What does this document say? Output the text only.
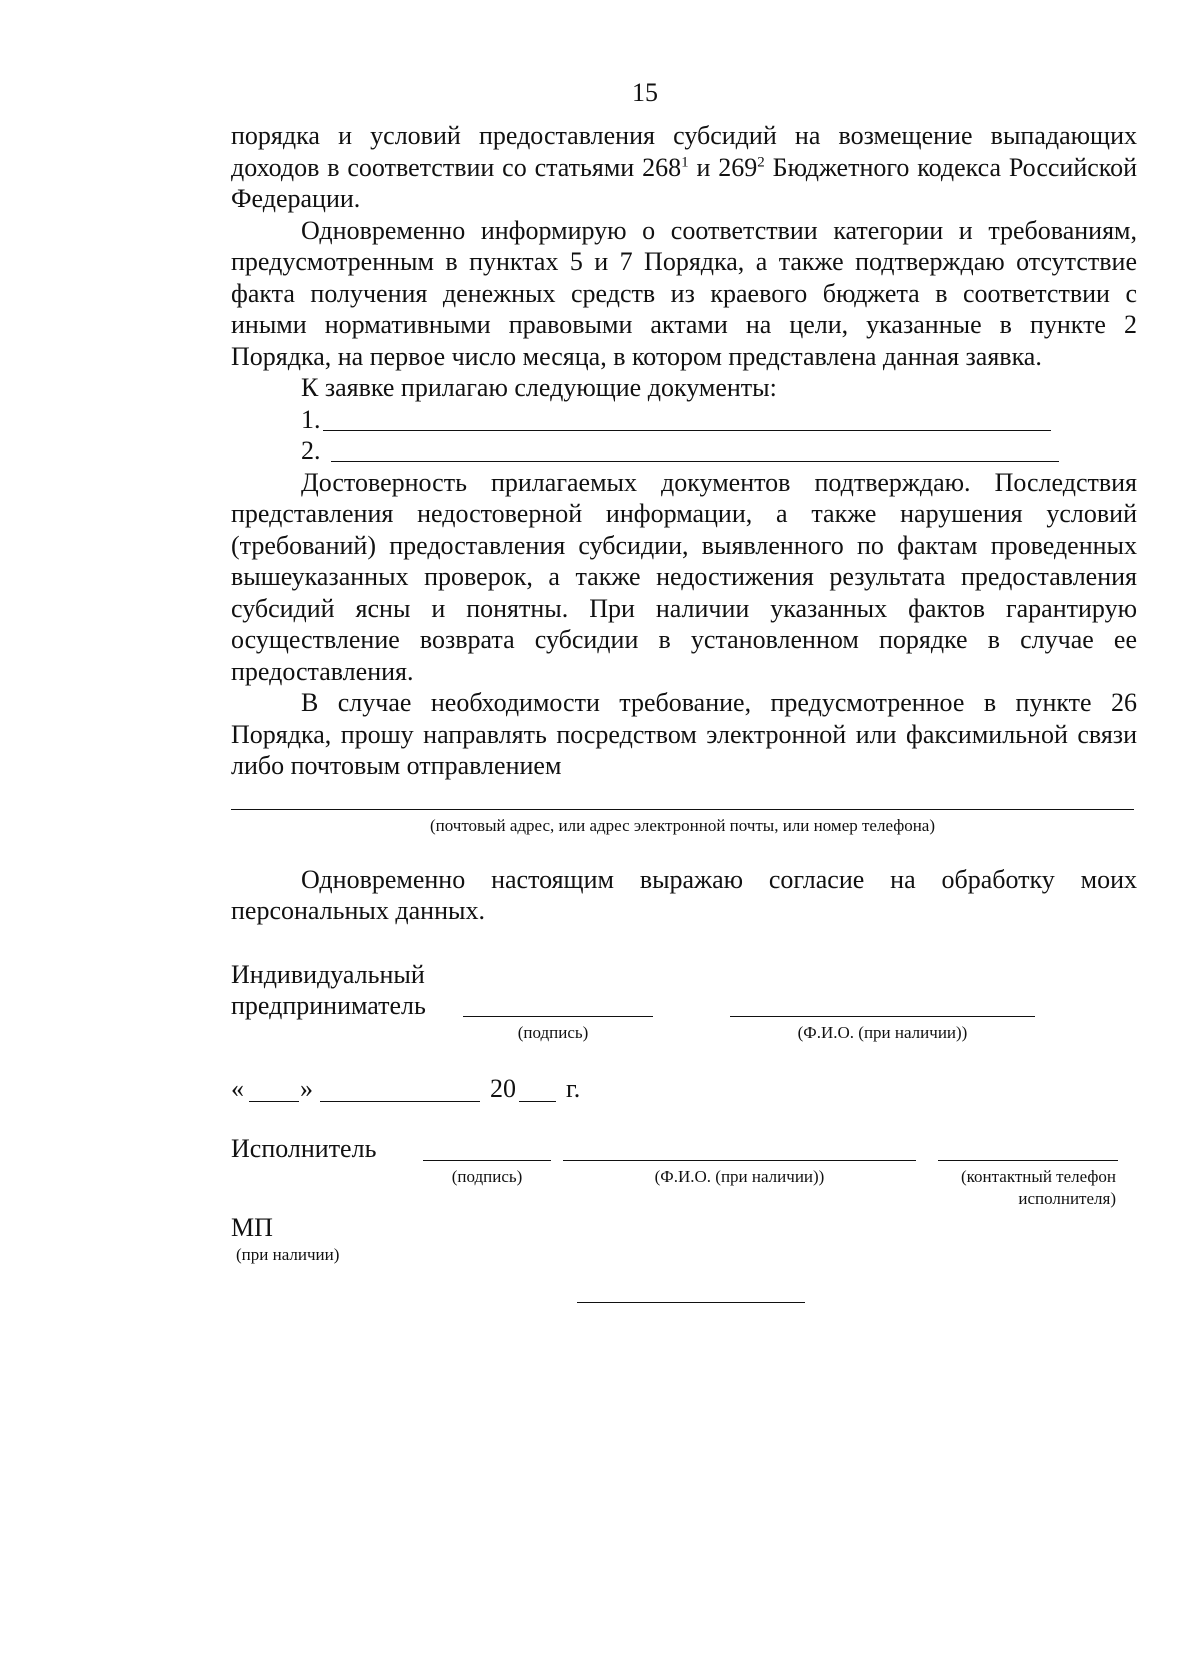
15

порядка и условий предоставления субсидий на возмещение выпадающих доходов в соответствии со статьями $268^1$ и $269^2$ Бюджетного кодекса Российской Федерации.

Одновременно информирую о соответствии категории и требованиям, предусмотренным в пунктах 5 и 7 Порядка, а также подтверждаю отсутствие факта получения денежных средств из краевого бюджета в соответствии с иными нормативными правовыми актами на цели, указанные в пункте 2 Порядка, на первое число месяца, в котором представлена данная заявка.

К заявке прилагаю следующие документы:

1.
2.

Достоверность прилагаемых документов подтверждаю. Последствия представления недостоверной информации, а также нарушения условий (требований) предоставления субсидии, выявленного по фактам проведенных вышеуказанных проверок, а также недостижения результата предоставления субсидий ясны и понятны. При наличии указанных фактов гарантирую осуществление возврата субсидии в установленном порядке в случае ее предоставления.

В случае необходимости требование, предусмотренное в пункте 26 Порядка, прошу направлять посредством электронной или факсимильной связи либо почтовым отправлением

(почтовый адрес, или адрес электронной почты, или номер телефона)
Одновременно настоящим выражаю согласие на обработку моих персональных данных.
Индивидуальный
предприниматель
(подпись)	(Ф.И.О. (при наличии))
« »	20 г.
Исполнитель
(подпись)	(Ф.И.О. (при наличии))	(контактный телефон
исполнителя)
МП
(при наличии)
